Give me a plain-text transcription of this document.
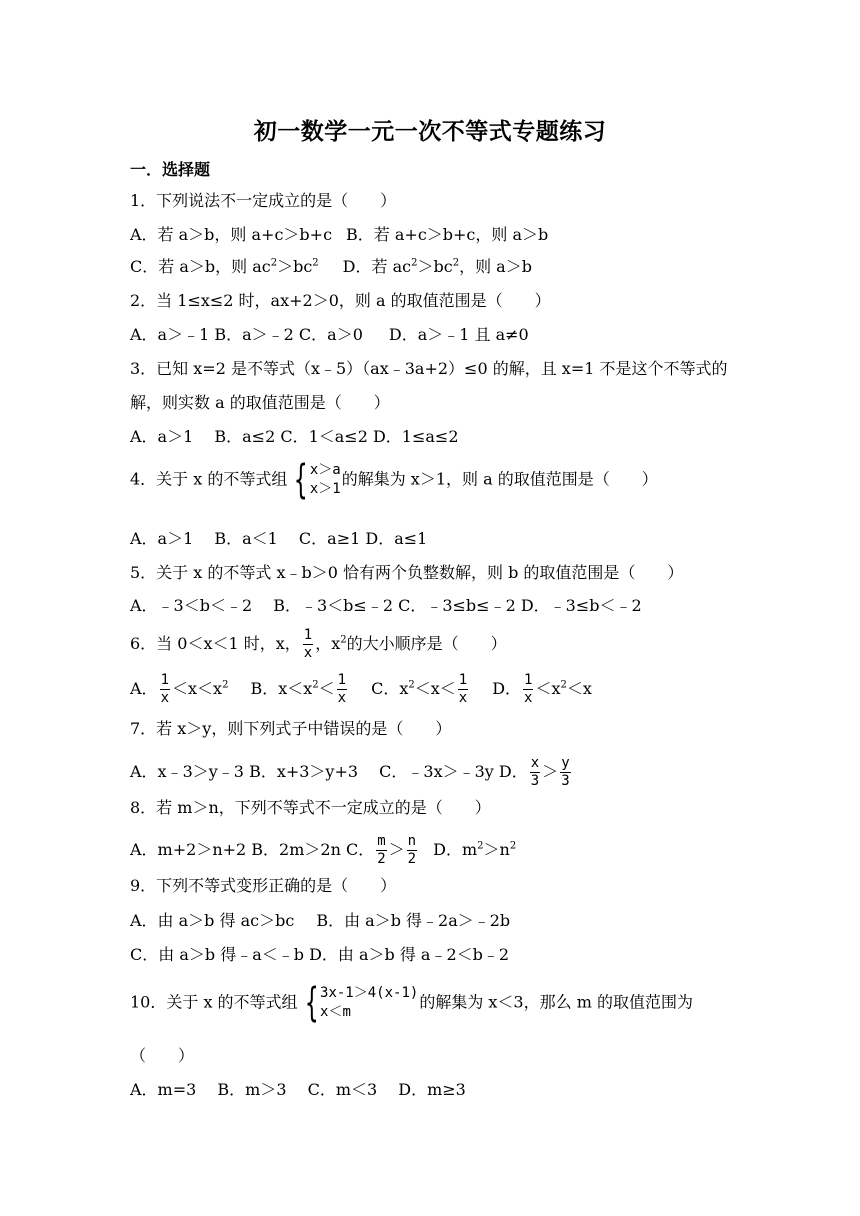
初一数学一元一次不等式专题练习
一．选择题
1．下列说法不一定成立的是（　　）
A．若 a＞b，则 a+c＞b+c B．若 a+c＞b+c，则 a＞b
C．若 a＞b，则 $ac^2>bc^2$ D．若 $ac^2>bc^2$，则 a＞b
2．当 1≤x≤2 时，ax+2＞0，则 a 的取值范围是（　　）
A．a＞﹣1 B．a＞﹣2 C．a＞0 D．a＞﹣1 且 a≠0
3．已知 x=2 是不等式（x﹣5）（ax﹣3a+2）≤0 的解，且 x=1 不是这个不等式的
解，则实数 a 的取值范围是（　　）
A．a＞1　 B．a≤2 C．1＜a≤2 D．1≤a≤2
4．关于 x 的不等式组 { x＞a
x＞1
的解集为 x＞1，则 a 的取值范围是（　　）
A．a＞1　 B．a＜1　 C．a≥1 D．a≤1
5．关于 x 的不等式 x﹣b＞0 恰有两个负整数解，则 b 的取值范围是（　　）
A．﹣3＜b＜﹣2　 B．﹣3＜b≤﹣2 C．﹣3≤b≤﹣2 D．﹣3≤b＜﹣2
6．当 0＜x＜1 时，x， $\frac{1}{x}$ ，$x^2$的大小顺序是（　　）
A． $\frac{1}{x} <x<x^2$ B．$x<x^2< \frac{1}{x}$ C．$x^2<x< \frac{1}{x}$ D． $\frac{1}{x} <x^2<x$
7．若 x＞y，则下列式子中错误的是（　　）
A．x﹣3＞y﹣3 B．x+3＞y+3　 C．﹣3x＞﹣3y D． $\frac{x}{3} > \frac{y}{3}$
8．若 m＞n，下列不等式不一定成立的是（　　）
A．m+2＞n+2 B．2m＞2n C． $\frac{m}{2} > \frac{n}{2}$ D．$m^2>n^2$
9．下列不等式变形正确的是（　　）
A．由 a＞b 得 ac＞bc B．由 a＞b 得﹣2a＞﹣2b
C．由 a＞b 得﹣a＜﹣b D．由 a＞b 得 a﹣2＜b﹣2
10．关于 x 的不等式组 { 3x-1＞4(x-1)
x＜m
的解集为 x＜3，那么 m 的取值范围为
（　　）
A．m=3　 B．m＞3　 C．m＜3　 D．m≥3
